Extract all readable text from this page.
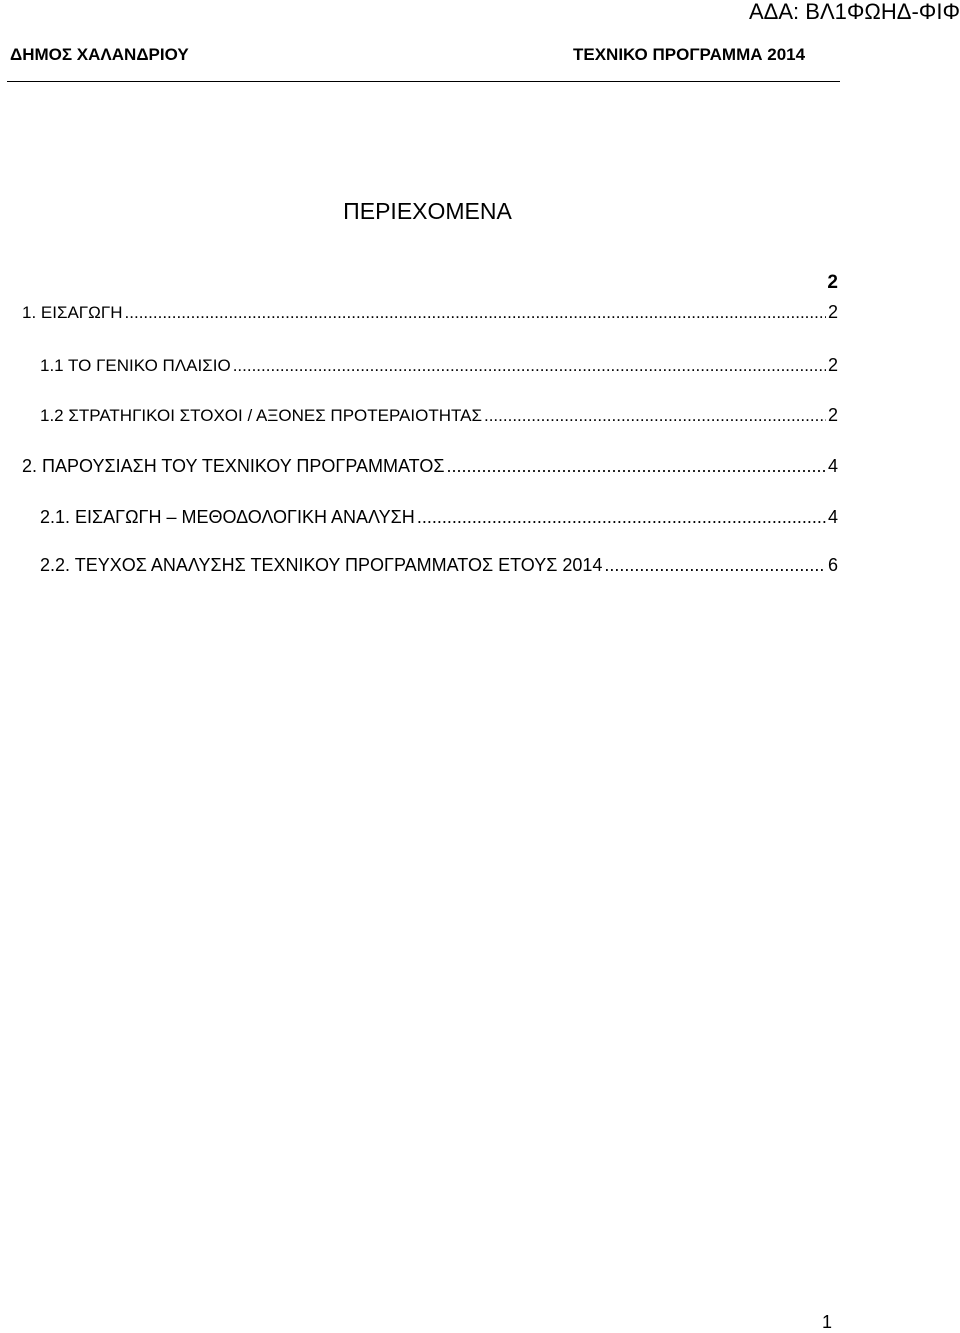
ΑΔΑ: ΒΛ1ΦΩΗΔ-ΦΙΦ
ΔΗΜΟΣ ΧΑΛΑΝΔΡΙΟΥ	ΤΕΧΝΙΚΟ ΠΡΟΓΡΑΜΜΑ 2014
ΠΕΡΙΕΧΟΜΕΝΑ
2
1. ΕΙΣΑΓΩΓΗ .....	2
1.1 ΤΟ ΓΕΝΙΚΟ ΠΛΑΙΣΙΟ .....	2
1.2 ΣΤΡΑΤΗΓΙΚΟΙ ΣΤΟΧΟΙ / ΑΞΟΝΕΣ ΠΡΟΤΕΡΑΙΟΤΗΤΑΣ .....	2
2. ΠΑΡΟΥΣΙΑΣΗ ΤΟΥ ΤΕΧΝΙΚΟΥ ΠΡΟΓΡΑΜΜΑΤΟΣ .....	4
2.1. ΕΙΣΑΓΩΓΗ – ΜΕΘΟΔΟΛΟΓΙΚΗ ΑΝΑΛΥΣΗ .....	4
2.2. ΤΕΥΧΟΣ ΑΝΑΛΥΣΗΣ ΤΕΧΝΙΚΟΥ ΠΡΟΓΡΑΜΜΑΤΟΣ ΕΤΟΥΣ 2014 .....	6
1
